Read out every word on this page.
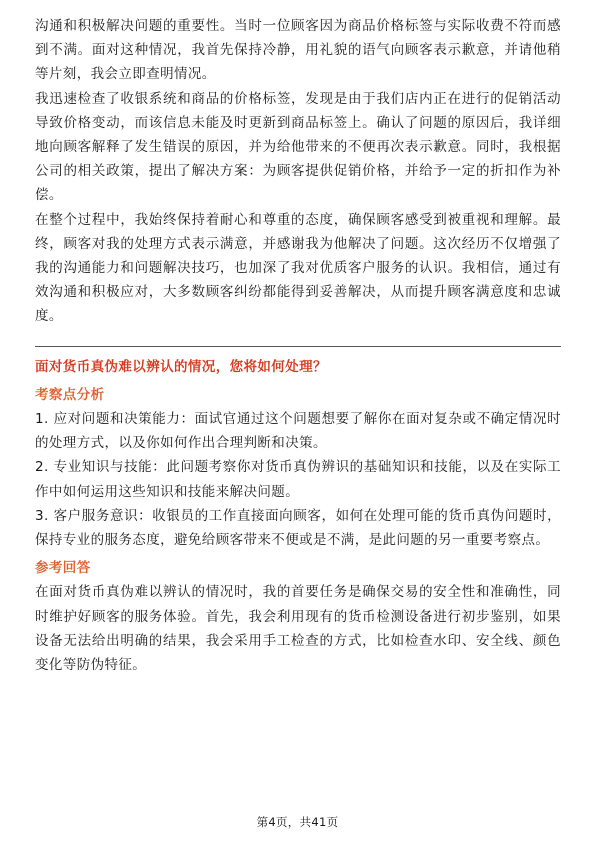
沟通和积极解决问题的重要性。当时一位顾客因为商品价格标签与实际收费不符而感到不满。面对这种情况，我首先保持冷静，用礼貌的语气向顾客表示歉意，并请他稍等片刻，我会立即查明情况。

我迅速检查了收银系统和商品的价格标签，发现是由于我们店内正在进行的促销活动导致价格变动，而该信息未能及时更新到商品标签上。确认了问题的原因后，我详细地向顾客解释了发生错误的原因，并为给他带来的不便再次表示歉意。同时，我根据公司的相关政策，提出了解决方案：为顾客提供促销价格，并给予一定的折扣作为补偿。

在整个过程中，我始终保持着耐心和尊重的态度，确保顾客感受到被重视和理解。最终，顾客对我的处理方式表示满意，并感谢我为他解决了问题。这次经历不仅增强了我的沟通能力和问题解决技巧，也加深了我对优质客户服务的认识。我相信，通过有效沟通和积极应对，大多数顾客纠纷都能得到妥善解决，从而提升顾客满意度和忠诚度。

面对货币真伪难以辨认的情况，您将如何处理？

考察点分析

1. 应对问题和决策能力：面试官通过这个问题想要了解你在面对复杂或不确定情况时的处理方式，以及你如何作出合理判断和决策。

2. 专业知识与技能：此问题考察你对货币真伪辨识的基础知识和技能，以及在实际工作中如何运用这些知识和技能来解决问题。

3. 客户服务意识：收银员的工作直接面向顾客，如何在处理可能的货币真伪问题时，保持专业的服务态度，避免给顾客带来不便或是不满，是此问题的另一重要考察点。

参考回答

在面对货币真伪难以辨认的情况时，我的首要任务是确保交易的安全性和准确性，同时维护好顾客的服务体验。首先，我会利用现有的货币检测设备进行初步鉴别，如果设备无法给出明确的结果，我会采用手工检查的方式，比如检查水印、安全线、颜色变化等防伪特征。

第4页，共41页
